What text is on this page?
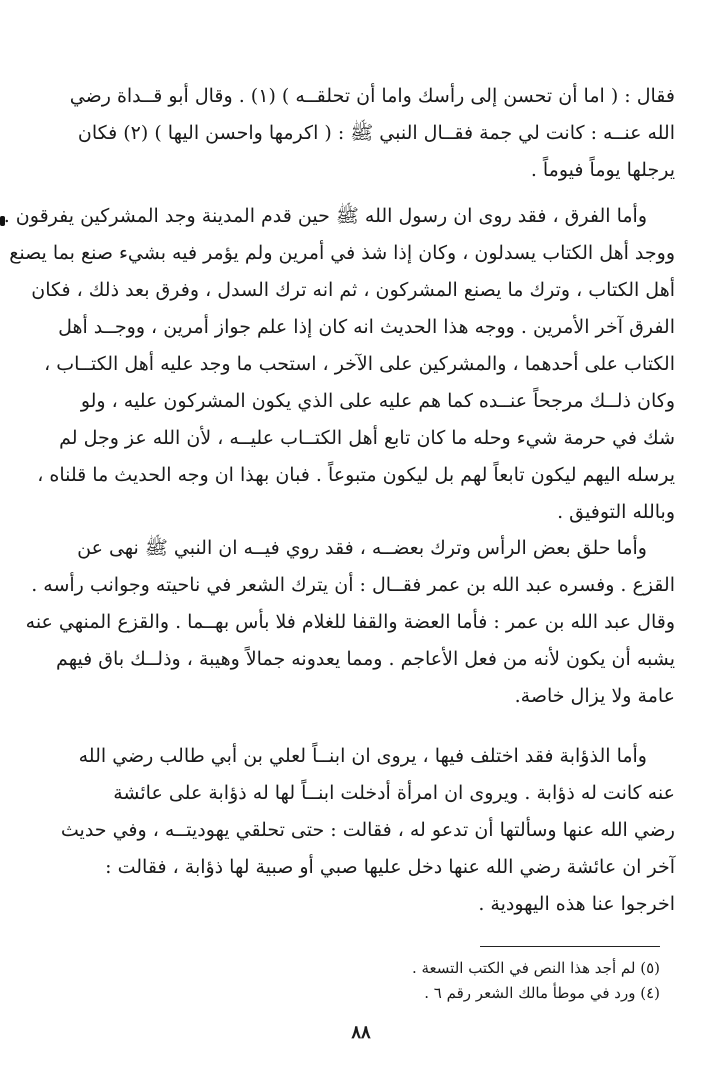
فقال : ( اما أن تحسن إلى رأسك واما أن تحلقــه ) (١) . وقال أبو قــداة رضي
الله عنــه : كانت لي جمة فقــال النبي ﷺ : ( اكرمها واحسن اليها ) (٢) فكان
يرجلها يوماً فيوماً .
وأما الفرق ، فقد روى ان رسول الله ﷺ حين قدم المدينة وجد المشركين يفرقون .
ووجد أهل الكتاب يسدلون ، وكان إذا شذ في أمرين ولم يؤمر فيه بشيء صنع بما يصنع
أهل الكتاب ، وترك ما يصنع المشركون ، ثم انه ترك السدل ، وفرق بعد ذلك ، فكان
الفرق آخر الأمرين . ووجه هذا الحديث انه كان إذا علم جواز أمرين ، ووجــد أهل
الكتاب على أحدهما ، والمشركين على الآخر ، استحب ما وجد عليه أهل الكتــاب ،
وكان ذلــك مرجحاً عنــده كما هم عليه على الذي يكون المشركون عليه ، ولو
شك في حرمة شيء وحله ما كان تابع أهل الكتــاب عليــه ، لأن الله عز وجل لم
يرسله اليهم ليكون تابعاً لهم بل ليكون متبوعاً . فبان بهذا ان وجه الحديث ما قلناه ،
وبالله التوفيق .
وأما حلق بعض الرأس وترك بعضــه ، فقد روي فيــه ان النبي ﷺ نهى عن
القزع . وفسره عبد الله بن عمر فقــال : أن يترك الشعر في ناحيته وجوانب رأسه .
وقال عبد الله بن عمر : فأما العضة والقفا للغلام فلا بأس بهــما . والقزع المنهي عنه
يشبه أن يكون لأنه من فعل الأعاجم . ومما يعدونه جمالاً وهيبة ، وذلــك باق فيهم
عامة ولا يزال خاصة.
وأما الذؤابة فقد اختلف فيها ، يروى ان ابنــاً لعلي بن أبي طالب رضي الله
عنه كانت له ذؤابة . ويروى ان امرأة أدخلت ابنــاً لها له ذؤابة على عائشة
رضي الله عنها وسألتها أن تدعو له ، فقالت : حتى تحلقي يهوديتــه ، وفي حديث
آخر ان عائشة رضي الله عنها دخل عليها صبي أو صبية لها ذؤابة ، فقالت :
اخرجوا عنا هذه اليهودية .
(٥) لم أجد هذا النص في الكتب التسعة .
(٤) ورد في موطأ مالك الشعر رقم ٦ .
٨٨
